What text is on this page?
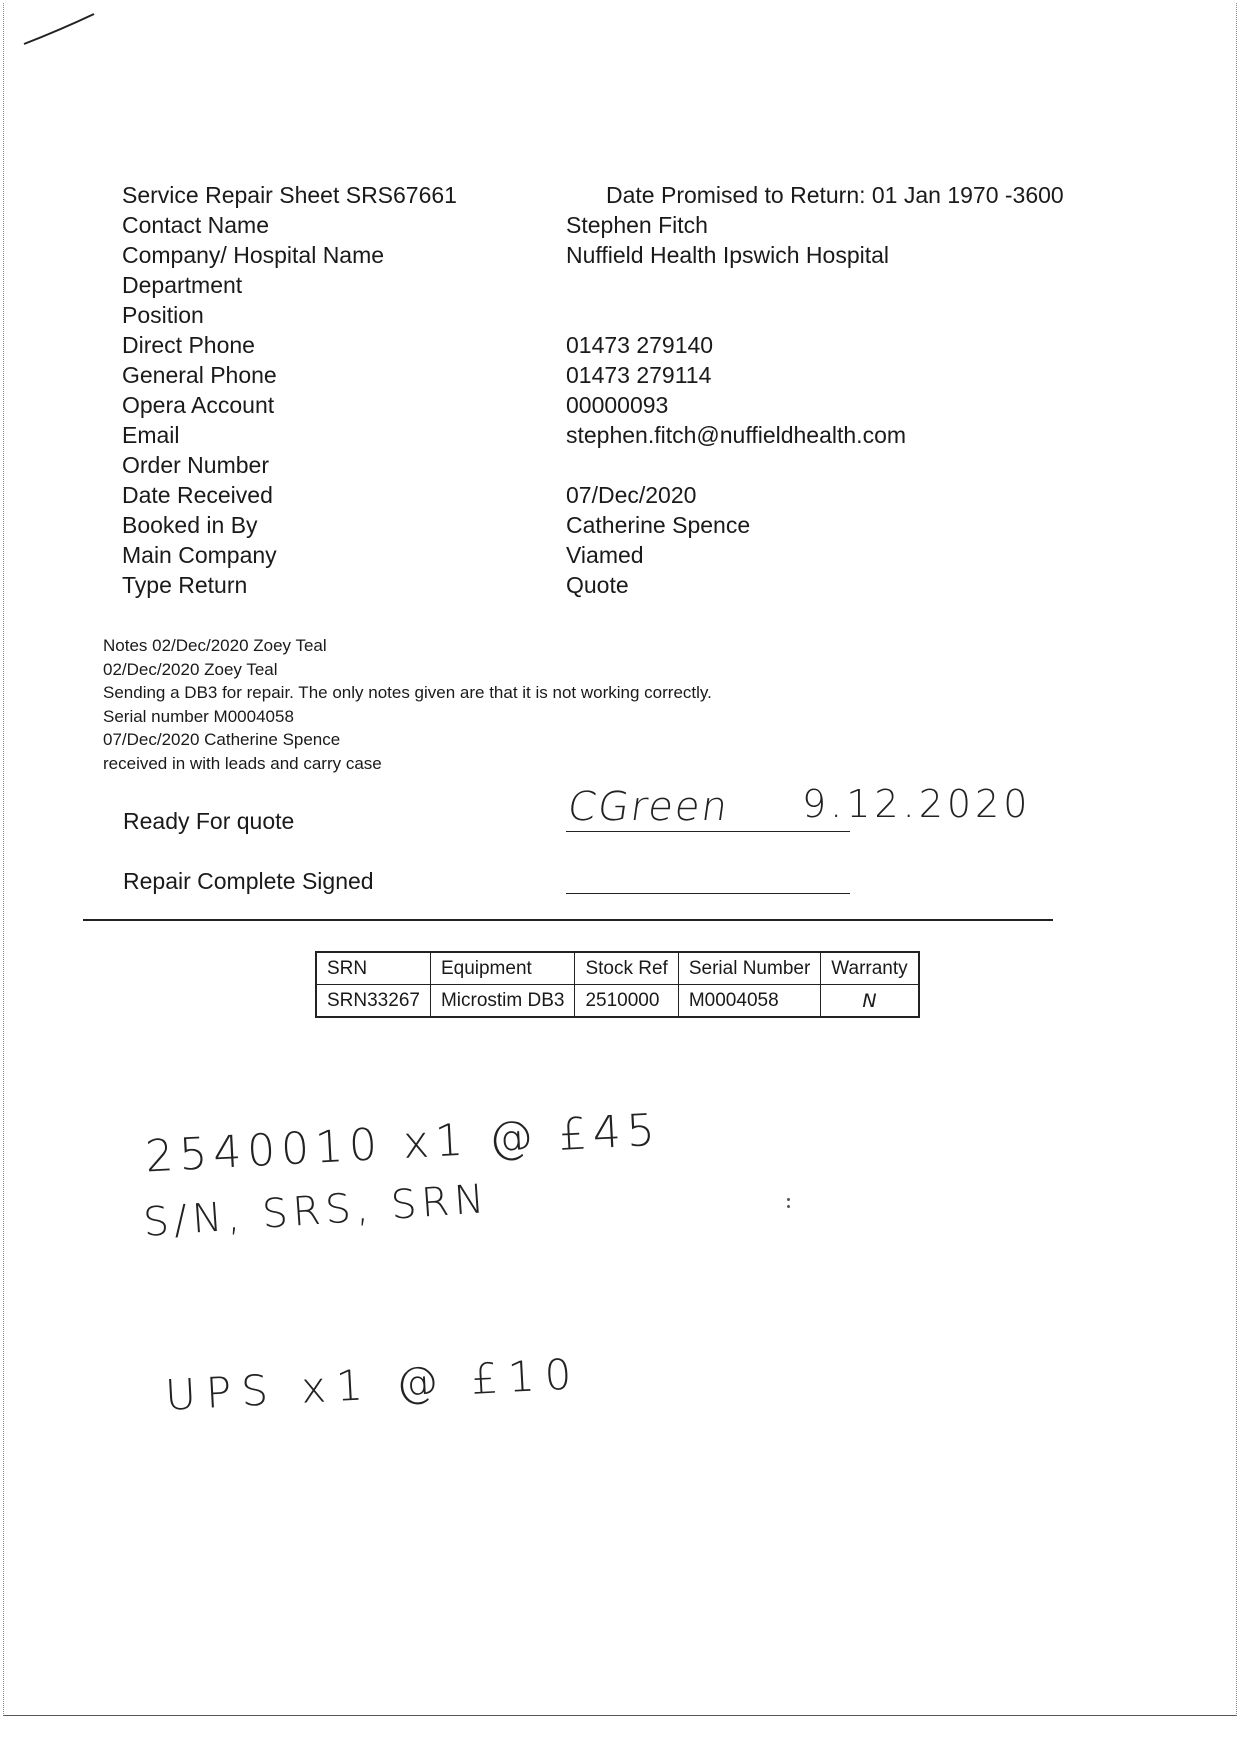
Service Repair Sheet SRS67661	Date Promised to Return: 01 Jan 1970 -3600
Contact Name	Stephen Fitch
Company/ Hospital Name	Nuffield Health Ipswich Hospital
Department
Position
Direct Phone	01473 279140
General Phone	01473 279114
Opera Account	00000093
Email	stephen.fitch@nuffieldhealth.com
Order Number
Date Received	07/Dec/2020
Booked in By	Catherine Spence
Main Company	Viamed
Type Return	Quote
Notes 02/Dec/2020 Zoey Teal
02/Dec/2020 Zoey Teal
Sending a DB3 for repair. The only notes given are that it is not working correctly.
Serial number M0004058
07/Dec/2020 Catherine Spence
received in with leads and carry case
Ready For quote	CGreen 9.12.2020
Repair Complete Signed
SRN	Equipment	Stock Ref	Serial Number	Warranty
SRN33267	Microstim DB3	2510000	M0004058	N
2540010 x1 @ £45
S/N, SRS, SRN
UPS x1 @ £10
